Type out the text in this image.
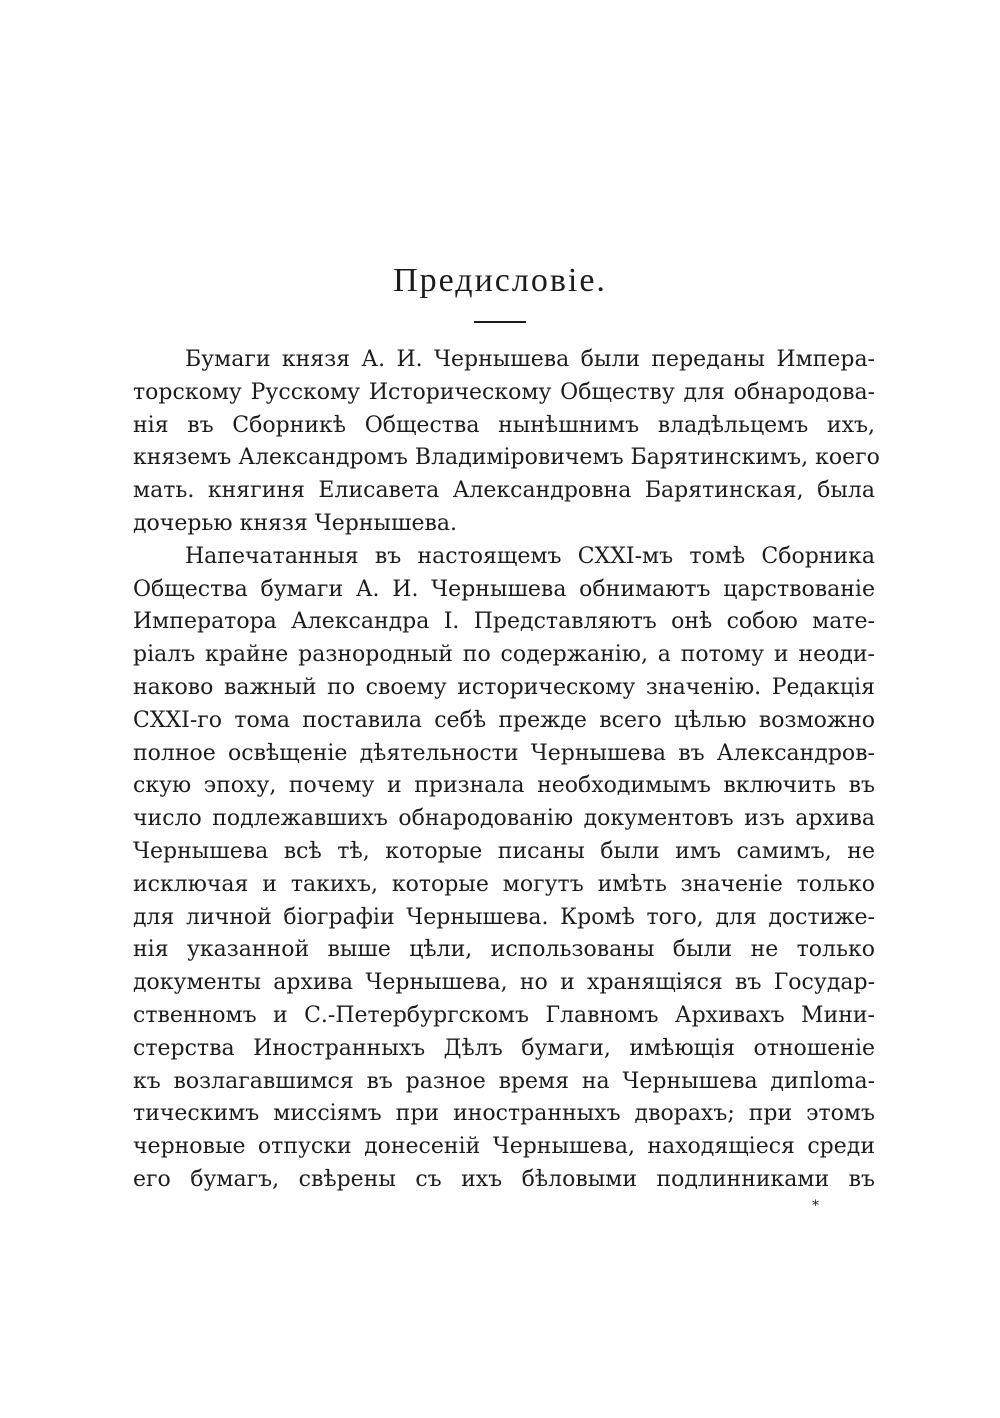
Предисловіе.
Бумаги князя А. И. Чернышева были переданы Импера-
торскому Русскому Историческому Обществу для обнародова-
нія въ Сборникѣ Общества нынѣшнимъ владѣльцемъ ихъ,
княземъ Александромъ Владиміровичемъ Барятинскимъ, коего
мать. княгиня Елисавета Александровна Барятинская, была
дочерью князя Чернышева.
Напечатанныя въ настоящемъ CXXI-мъ томѣ Сборника
Общества бумаги А. И. Чернышева обнимаютъ царствованіе
Императора Александра I. Представляютъ онѣ собою мате-
ріалъ крайне разнородный по содержанію, а потому и неоди-
наково важный по своему историческому значенію. Редакція
CXXI-го тома поставила себѣ прежде всего цѣлью возможно
полное освѣщеніе дѣятельности Чернышева въ Александров-
скую эпоху, почему и признала необходимымъ включить въ
число подлежавшихъ обнародованію документовъ изъ архива
Чернышева всѣ тѣ, которые писаны были имъ самимъ, не
исключая и такихъ, которые могутъ имѣть значеніе только
для личной біографіи Чернышева. Кромѣ того, для достиже-
нія указанной выше цѣли, использованы были не только
документы архива Чернышева, но и хранящіяся въ Государ-
ственномъ и С.-Петербургскомъ Главномъ Архивахъ Мини-
стерства Иностранныхъ Дѣлъ бумаги, имѣющія отношеніе
къ возлагавшимся въ разное время на Чернышева дипloma-
тическимъ миссіямъ при иностранныхъ дворахъ; при этомъ
черновые отпуски донесеній Чернышева, находящіеся среди
его бумагъ, свѣрены съ ихъ бѣловыми подлинниками въ
*
